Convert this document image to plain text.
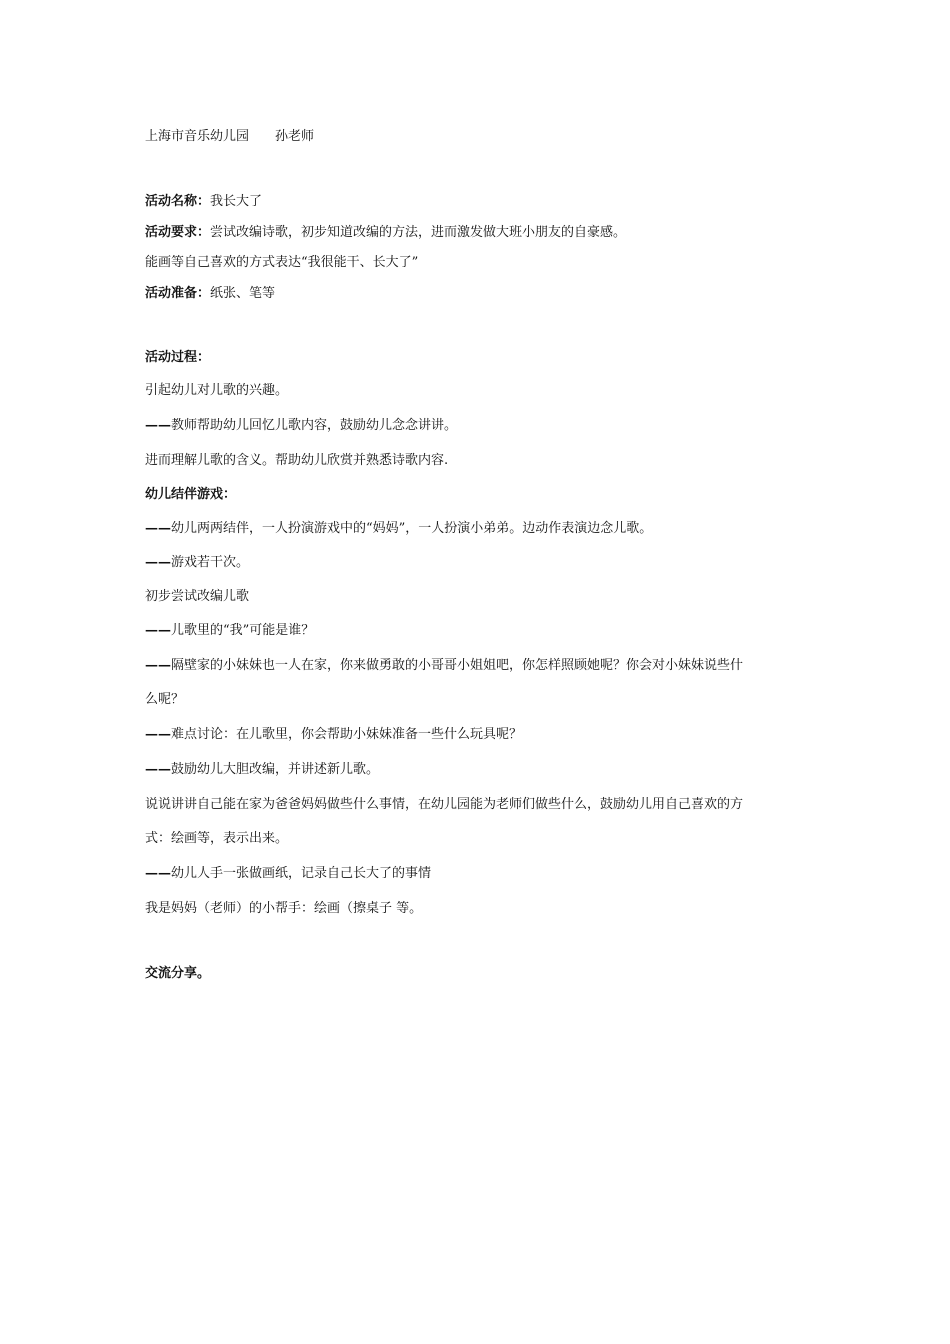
上海市音乐幼儿园 孙老师
活动名称：我长大了
活动要求：尝试改编诗歌，初步知道改编的方法，进而激发做大班小朋友的自豪感。
能画等自己喜欢的方式表达“我很能干、长大了”
活动准备：纸张、笔等
活动过程：
引起幼儿对儿歌的兴趣。
——教师帮助幼儿回忆儿歌内容，鼓励幼儿念念讲讲。
进而理解儿歌的含义。帮助幼儿欣赏并熟悉诗歌内容.
幼儿结伴游戏：
——幼儿两两结伴，一人扮演游戏中的“妈妈”，一人扮演小弟弟。边动作表演边念儿歌。
——游戏若干次。
初步尝试改编儿歌
——儿歌里的“我”可能是谁？
——隔壁家的小妹妹也一人在家，你来做勇敢的小哥哥小姐姐吧，你怎样照顾她呢？你会对小妹妹说些什
么呢？
——难点讨论：在儿歌里，你会帮助小妹妹准备一些什么玩具呢？
——鼓励幼儿大胆改编，并讲述新儿歌。
说说讲讲自己能在家为爸爸妈妈做些什么事情，在幼儿园能为老师们做些什么，鼓励幼儿用自己喜欢的方
式：绘画等，表示出来。
——幼儿人手一张做画纸，记录自己长大了的事情
我是妈妈（老师）的小帮手：绘画（擦桌子 等。
交流分享。
